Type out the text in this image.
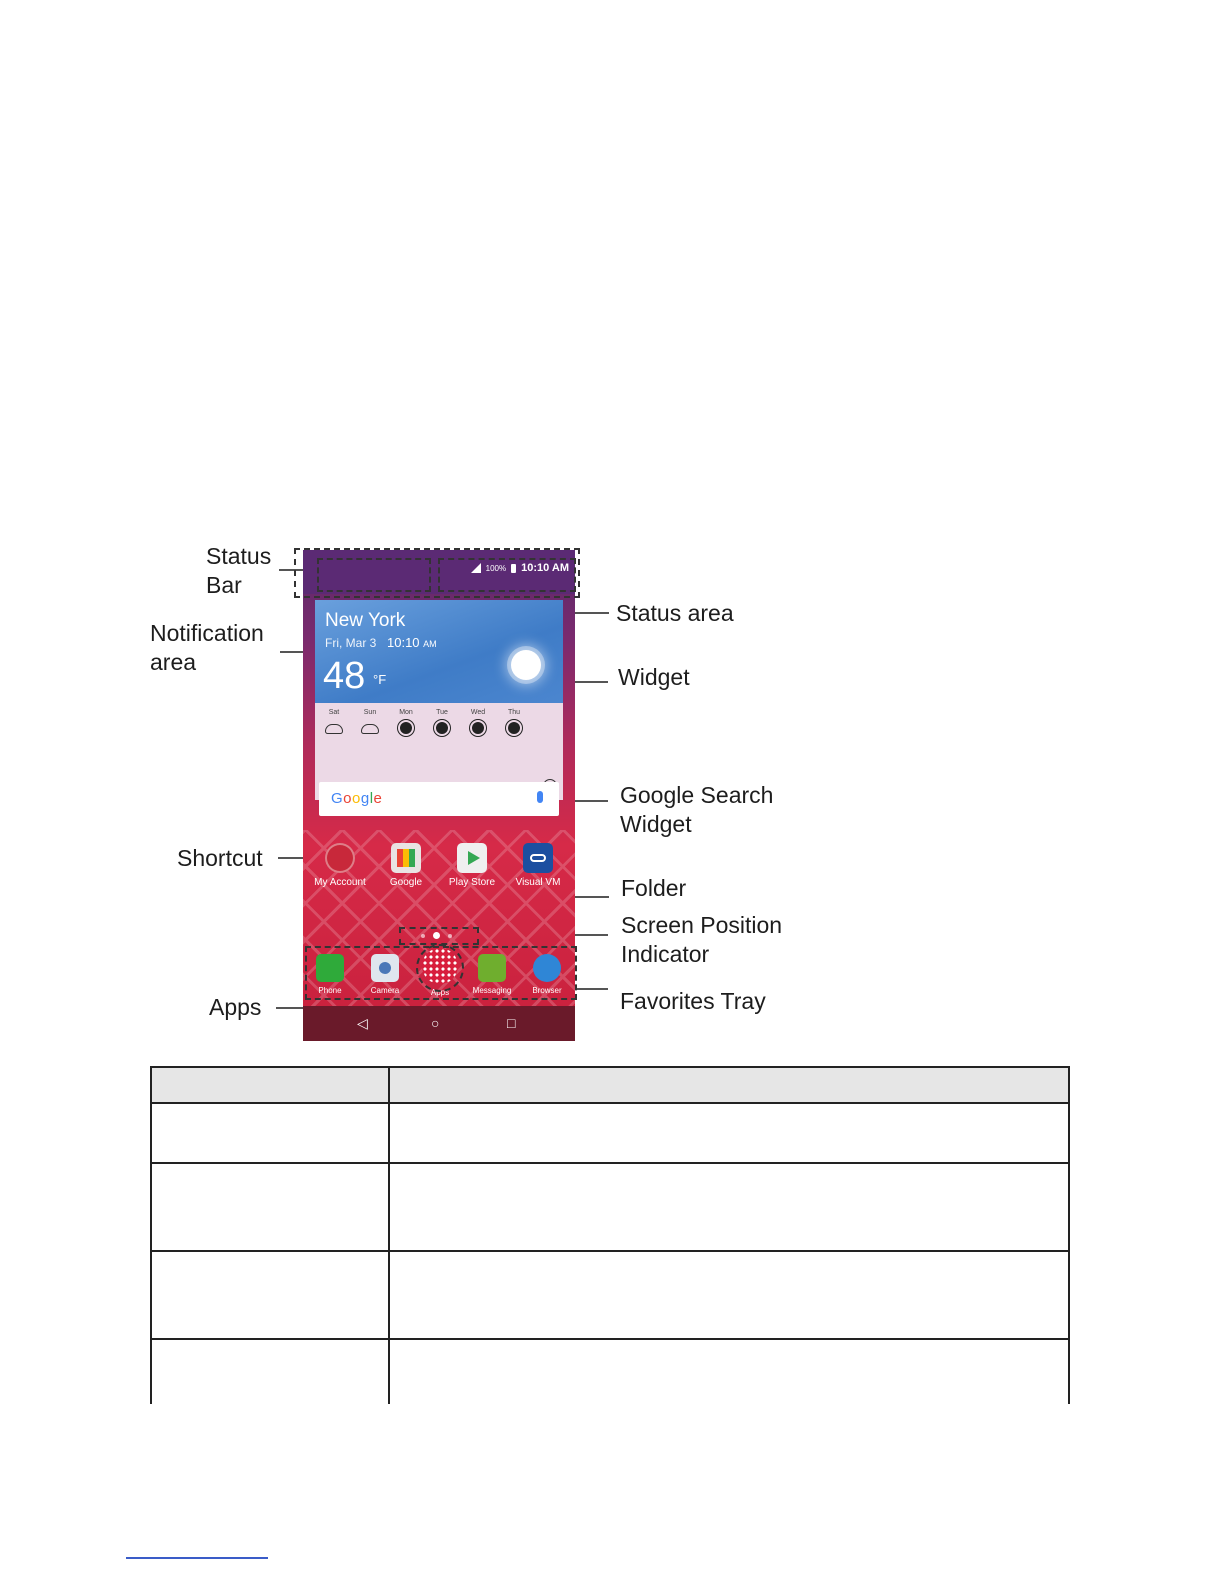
Status
Bar
Notification
area
Status area
Widget
Google Search
Widget
Shortcut
Folder
Screen Position
Indicator
Apps	Favorites Tray
100% 10:10 AM
New York
Fri, Mar 3 10:10 AM
48 °F
Sat	Sun	Mon	Tue	Wed	Thu
Google
My Account	Google	Play Store	Visual VM
Phone	Camera	Apps	Messaging	Browser
◁	○	□
